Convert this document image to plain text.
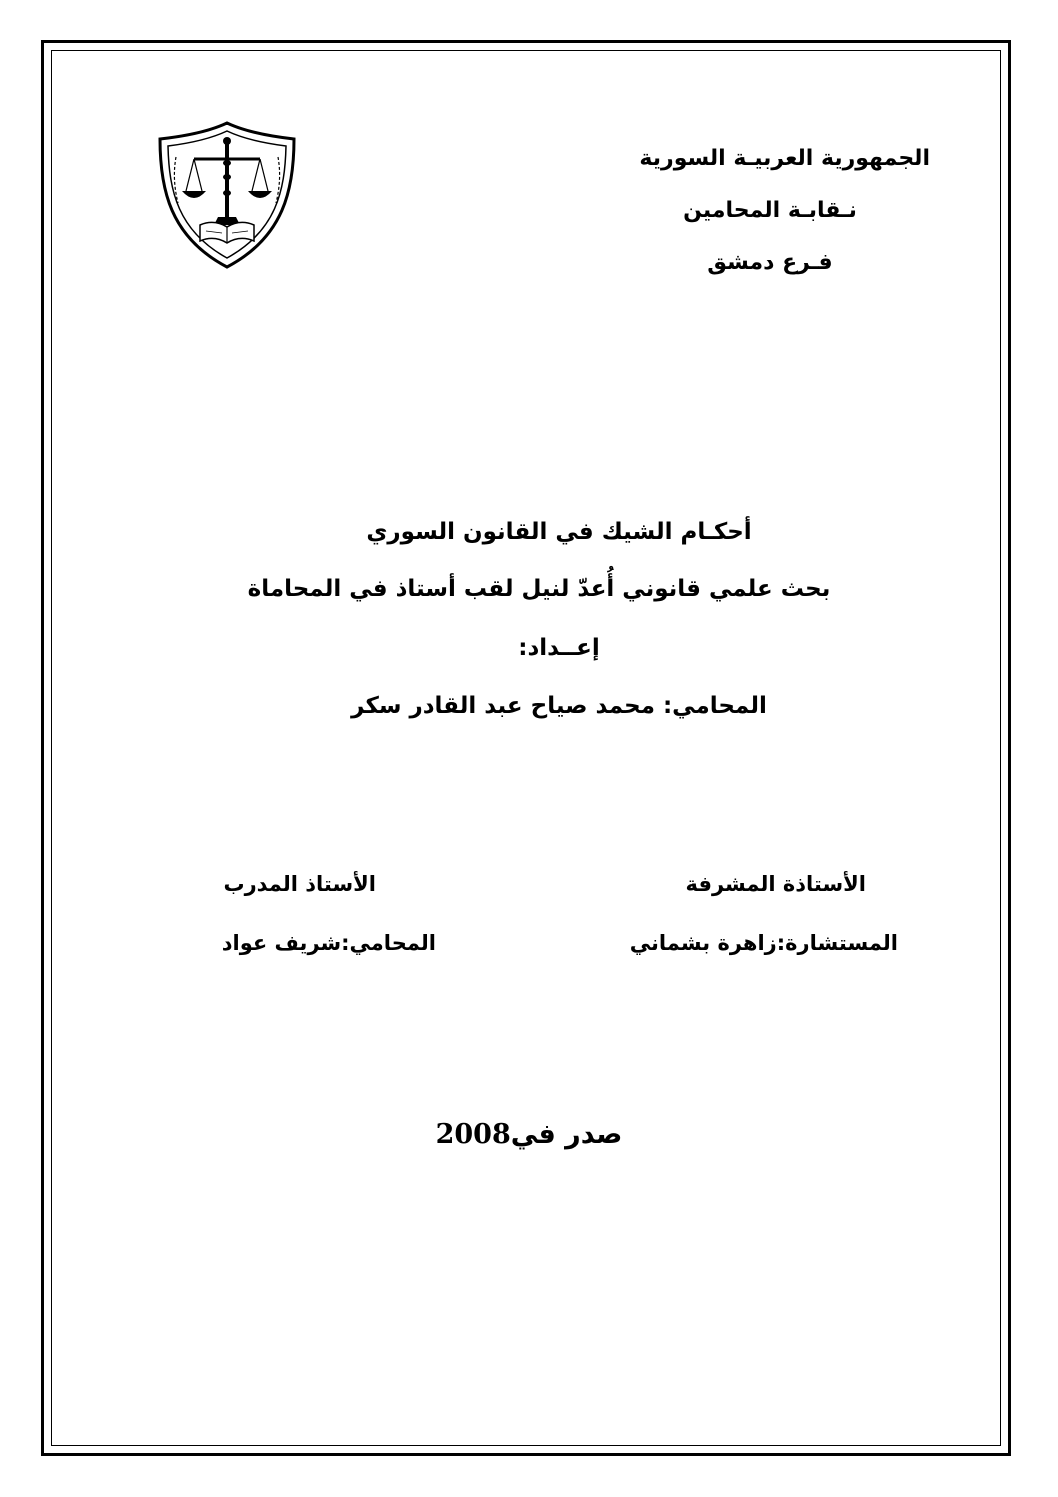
الجمهورية العربيـة السورية
نـقابـة المحامين
فـرع دمشق
أحكـام الشيك في القانون السوري
بحث علمي قانوني أُعدّ لنيل لقب أستاذ في المحاماة
إعــداد:
المحامي: محمد صياح عبد القادر سكر
الأستاذة المشرفة
المستشارة:زاهرة بشماني
الأستاذ المدرب
المحامي:شريف عواد
صدر في2008
